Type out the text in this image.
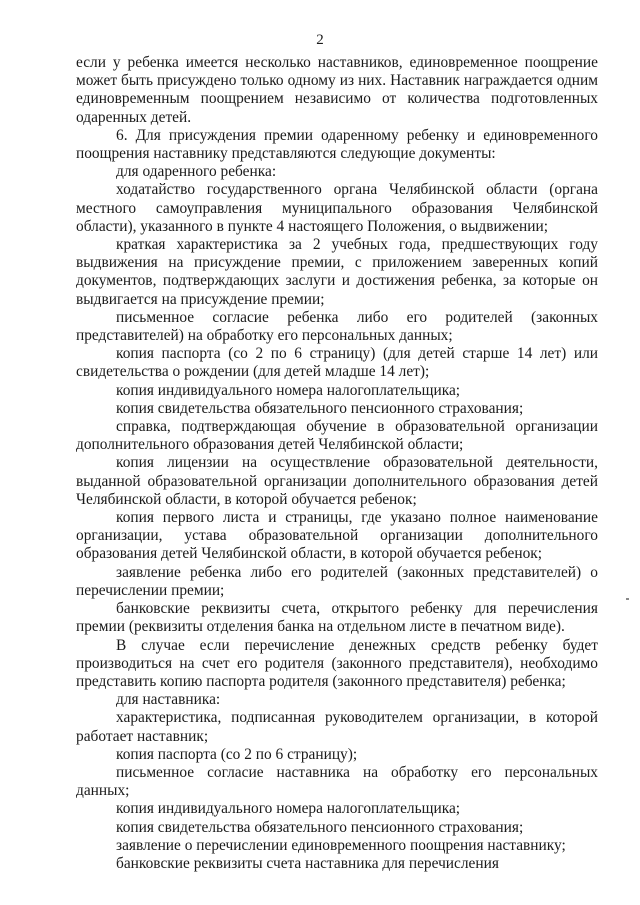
2

если у ребенка имеется несколько наставников, единовременное поощрение может быть присуждено только одному из них. Наставник награждается одним единовременным поощрением независимо от количества подготовленных одаренных детей.

6. Для присуждения премии одаренному ребенку и единовременного поощрения наставнику представляются следующие документы:

для одаренного ребенка:

ходатайство государственного органа Челябинской области (органа местного самоуправления муниципального образования Челябинской области), указанного в пункте 4 настоящего Положения, о выдвижении;

краткая характеристика за 2 учебных года, предшествующих году выдвижения на присуждение премии, с приложением заверенных копий документов, подтверждающих заслуги и достижения ребенка, за которые он выдвигается на присуждение премии;

письменное согласие ребенка либо его родителей (законных представителей) на обработку его персональных данных;

копия паспорта (со 2 по 6 страницу) (для детей старше 14 лет) или свидетельства о рождении (для детей младше 14 лет);

копия индивидуального номера налогоплательщика;

копия свидетельства обязательного пенсионного страхования;

справка, подтверждающая обучение в образовательной организации дополнительного образования детей Челябинской области;

копия лицензии на осуществление образовательной деятельности, выданной образовательной организации дополнительного образования детей Челябинской области, в которой обучается ребенок;

копия первого листа и страницы, где указано полное наименование организации, устава образовательной организации дополнительного образования детей Челябинской области, в которой обучается ребенок;

заявление ребенка либо его родителей (законных представителей) о перечислении премии;

банковские реквизиты счета, открытого ребенку для перечисления премии (реквизиты отделения банка на отдельном листе в печатном виде).

В случае если перечисление денежных средств ребенку будет производиться на счет его родителя (законного представителя), необходимо представить копию паспорта родителя (законного представителя) ребенка;

для наставника:

характеристика, подписанная руководителем организации, в которой работает наставник;

копия паспорта (со 2 по 6 страницу);

письменное согласие наставника на обработку его персональных данных;

копия индивидуального номера налогоплательщика;

копия свидетельства обязательного пенсионного страхования;

заявление о перечислении единовременного поощрения наставнику;

банковские реквизиты счета наставника для перечисления
